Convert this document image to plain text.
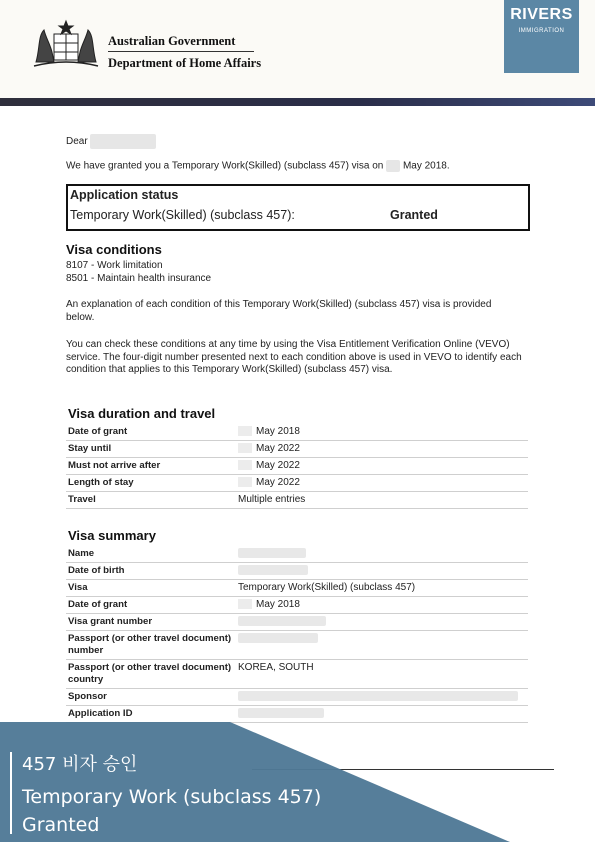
Australian Government
Department of Home Affairs
RIVERS
IMMIGRATION
Dear
We have granted you a Temporary Work(Skilled) (subclass 457) visa on May 2018.
Application status
Temporary Work(Skilled) (subclass 457):	Granted
Visa conditions
8107 - Work limitation
8501 - Maintain health insurance
An explanation of each condition of this Temporary Work(Skilled) (subclass 457) visa is provided below.
You can check these conditions at any time by using the Visa Entitlement Verification Online (VEVO) service. The four-digit number presented next to each condition above is used in VEVO to identify each condition that applies to this Temporary Work(Skilled) (subclass 457) visa.
Visa duration and travel
Date of grant	May 2018
Stay until	May 2022
Must not arrive after	May 2022
Length of stay	May 2022
Travel	Multiple entries
Visa summary
Name	
Date of birth	
Visa	Temporary Work(Skilled) (subclass 457)
Date of grant	May 2018
Visa grant number	
Passport (or other travel document) number	
Passport (or other travel document) country	KOREA, SOUTH
Sponsor	
Application ID	
457 비자 승인
Temporary Work (subclass 457)
Granted
